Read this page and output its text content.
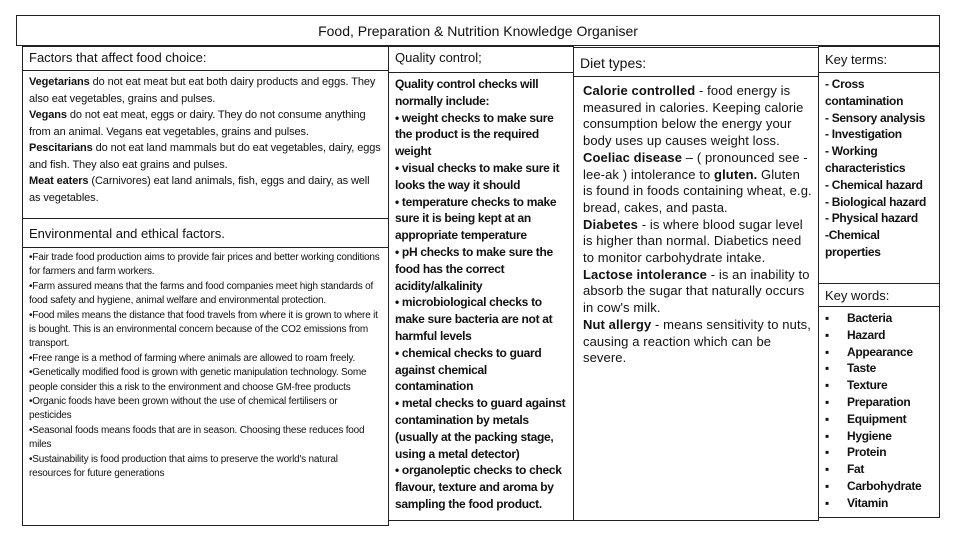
Food, Preparation & Nutrition Knowledge Organiser
Factors that affect food choice:

Vegetarians do not eat meat but eat both dairy products and eggs. They also eat vegetables, grains and pulses.

Vegans do not eat meat, eggs or dairy. They do not consume anything from an animal. Vegans eat vegetables, grains and pulses.

Pescitarians do not eat land mammals but do eat vegetables, dairy, eggs and fish. They also eat grains and pulses.

Meat eaters (Carnivores) eat land animals, fish, eggs and dairy, as well as vegetables.

Environmental and ethical factors.

•Fair trade food production aims to provide fair prices and better working conditions for farmers and farm workers.

•Farm assured means that the farms and food companies meet high standards of food safety and hygiene, animal welfare and environmental protection.

•Food miles means the distance that food travels from where it is grown to where it is bought. This is an environmental concern because of the CO2 emissions from transport.

•Free range is a method of farming where animals are allowed to roam freely.

•Genetically modified food is grown with genetic manipulation technology. Some people consider this a risk to the environment and choose GM-free products

•Organic foods have been grown without the use of chemical fertilisers or pesticides

•Seasonal foods means foods that are in season. Choosing these reduces food miles

•Sustainability is food production that aims to preserve the world's natural resources for future generations

Quality control;

Quality control checks will normally include:

• weight checks to make sure the product is the required weight

• visual checks to make sure it looks the way it should

• temperature checks to make sure it is being kept at an appropriate temperature

• pH checks to make sure the food has the correct acidity/alkalinity

• microbiological checks to make sure bacteria are not at harmful levels

• chemical checks to guard against chemical contamination

• metal checks to guard against contamination by metals (usually at the packing stage, using a metal detector)

• organoleptic checks to check flavour, texture and aroma by sampling the food product.

Diet types:

Calorie controlled - food energy is measured in calories. Keeping calorie consumption below the energy your body uses up causes weight loss.

Coeliac disease – ( pronounced see -lee-ak ) intolerance to gluten. Gluten is found in foods containing wheat, e.g. bread, cakes, and pasta.

Diabetes - is where blood sugar level is higher than normal. Diabetics need to monitor carbohydrate intake.

Lactose intolerance - is an inability to absorb the sugar that naturally occurs in cow's milk.

Nut allergy - means sensitivity to nuts, causing a reaction which can be severe.

Key terms:

- Cross contamination

- Sensory analysis

- Investigation

- Working characteristics

- Chemical hazard

- Biological hazard

- Physical hazard

-Chemical properties

Key words:
▪	Bacteria
▪	Hazard
▪	Appearance
▪	Taste
▪	Texture
▪	Preparation
▪	Equipment
▪	Hygiene
▪	Protein
▪	Fat
▪	Carbohydrate
▪	Vitamin
